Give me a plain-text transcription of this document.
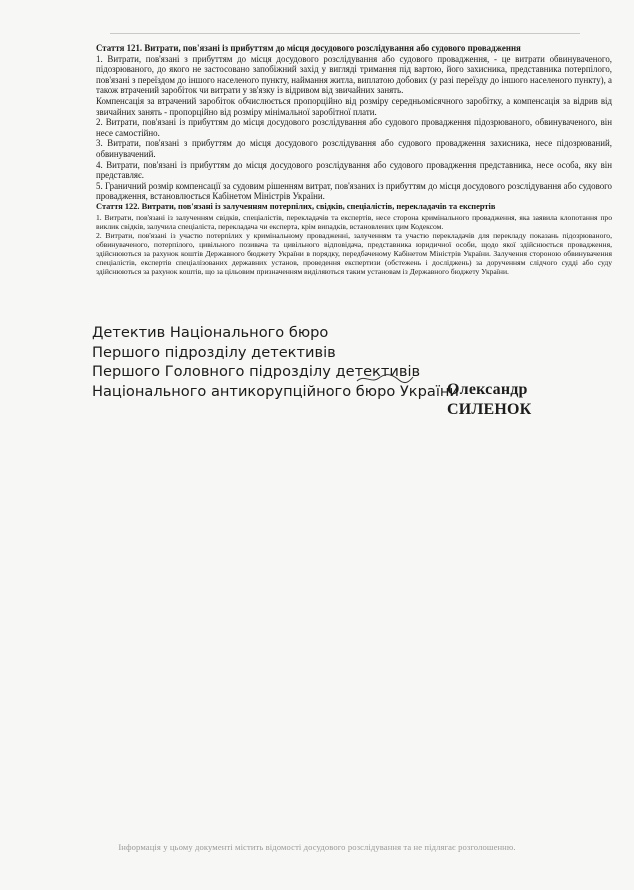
Стаття 121. Витрати, пов'язані із прибуттям до місця досудового розслідування або судового провадження

1. Витрати, пов'язані з прибуттям до місця досудового розслідування або судового провадження, - це витрати обвинуваченого, підозрюваного, до якого не застосовано запобіжний захід у вигляді тримання під вартою, його захисника, представника потерпілого, пов'язані з переїздом до іншого населеного пункту, наймання житла, виплатою добових (у разі переїзду до іншого населеного пункту), а також втрачений заробіток чи витрати у зв'язку із відривом від звичайних занять.

Компенсація за втрачений заробіток обчислюється пропорційно від розміру середньомісячного заробітку, а компенсація за відрив від звичайних занять - пропорційно від розміру мінімальної заробітної плати.

2. Витрати, пов'язані із прибуттям до місця досудового розслідування або судового провадження підозрюваного, обвинуваченого, він несе самостійно.

3. Витрати, пов'язані з прибуттям до місця досудового розслідування або судового провадження захисника, несе підозрюваний, обвинувачений.

4. Витрати, пов'язані із прибуттям до місця досудового розслідування або судового провадження представника, несе особа, яку він представляє.

5. Граничний розмір компенсації за судовим рішенням витрат, пов'язаних із прибуттям до місця досудового розслідування або судового провадження, встановлюється Кабінетом Міністрів України.

Стаття 122. Витрати, пов'язані із залученням потерпілих, свідків, спеціалістів, перекладачів та експертів

1. Витрати, пов'язані із залученням свідків, спеціалістів, перекладачів та експертів, несе сторона кримінального провадження, яка заявила клопотання про виклик свідків, залучила спеціаліста, перекладача чи експерта, крім випадків, встановлених цим Кодексом.

2. Витрати, пов'язані із участю потерпілих у кримінальному провадженні, залученням та участю перекладачів для перекладу показань підозрюваного, обвинуваченого, потерпілого, цивільного позивача та цивільного відповідача, представника юридичної особи, щодо якої здійснюється провадження, здійснюються за рахунок коштів Державного бюджету України в порядку, передбаченому Кабінетом Міністрів України. Залучення стороною обвинувачення спеціалістів, експертів спеціалізованих державних установ, проведення експертизи (обстежень і досліджень) за дорученням слідчого судді або суду здійснюються за рахунок коштів, що за цільовим призначенням виділяються таким установам із Державного бюджету України.

Детектив Національного бюро
Першого підрозділу детективів
Першого Головного підрозділу детективів
Національного антикорупційного бюро України
Олександр СИЛЕНОК
Інформація у цьому документі містить відомості досудового розслідування та не підлягає розголошенню.
